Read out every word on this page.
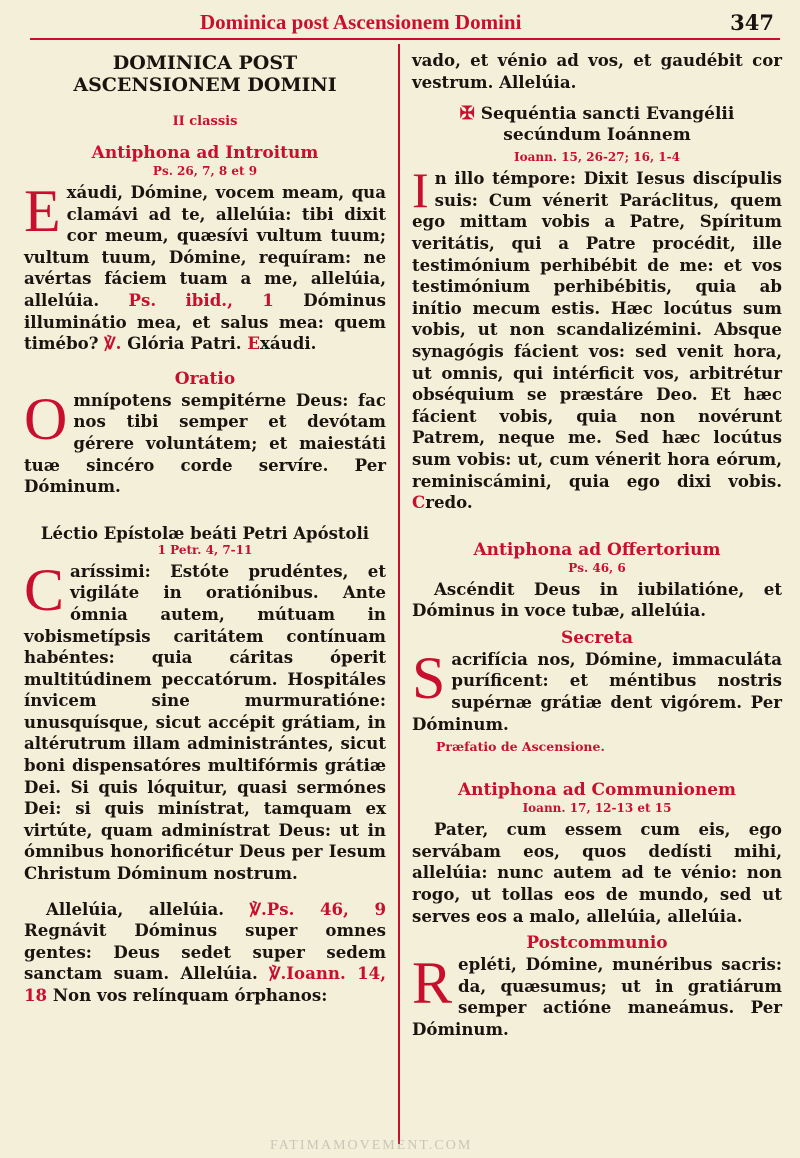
Dominica post Ascensionem Domini	347
DOMINICA POST
ASCENSIONEM DOMINI
II classis
Antiphona ad Introitum
Ps. 26, 7, 8 et 9

Exáudi, Dómine, vocem meam, qua clamávi ad te, allelúia: tibi dixit cor meum, quæsívi vultum tuum; vultum tuum, Dómine, requíram: ne avértas fáciem tuam a me, allelúia, allelúia. Ps. ibid., 1 Dóminus illuminátio mea, et salus mea: quem timébo? ℣. Glória Patri. Exáudi.

Oratio

Omnípotens sempitérne Deus: fac nos tibi semper et devótam gérere voluntátem; et maiestáti tuæ sincéro corde servíre. Per Dóminum.

Léctio Epístolæ beáti Petri Apóstoli
1 Petr. 4, 7-11

Caríssimi: Estóte prudéntes, et vigiláte in oratiónibus. Ante ómnia autem, mútuam in vobismetípsis caritátem contínuam habéntes: quia cáritas óperit multitúdinem peccatórum. Hospitáles ínvicem sine murmuratióne: unusquísque, sicut accépit grátiam, in altérutrum illam administrántes, sicut boni dispensatóres multifórmis grátiæ Dei. Si quis lóquitur, quasi sermónes Dei: si quis minístrat, tamquam ex virtúte, quam adminístrat Deus: ut in ómnibus honorificétur Deus per Iesum Christum Dóminum nostrum.

Allelúia, allelúia. ℣.Ps. 46, 9 Regnávit Dóminus super omnes gentes: Deus sedet super sedem sanctam suam. Allelúia. ℣.Ioann. 14, 18 Non vos relínquam órphanos:

vado, et vénio ad vos, et gaudébit cor vestrum. Allelúia.

✠ Sequéntia sancti Evangélii secúndum Ioánnem
Ioann. 15, 26-27; 16, 1-4

In illo témpore: Dixit Iesus discípulis suis: Cum vénerit Paráclitus, quem ego mittam vobis a Patre, Spíritum veritátis, qui a Patre procédit, ille testimónium perhibébit de me: et vos testimónium perhibébitis, quia ab inítio mecum estis. Hæc locútus sum vobis, ut non scandalizémini. Absque synagógis fácient vos: sed venit hora, ut omnis, qui intérficit vos, arbitrétur obséquium se præstáre Deo. Et hæc fácient vobis, quia non novérunt Patrem, neque me. Sed hæc locútus sum vobis: ut, cum vénerit hora eórum, reminiscámini, quia ego dixi vobis. Credo.

Antiphona ad Offertorium
Ps. 46, 6

Ascéndit Deus in iubilatióne, et Dóminus in voce tubæ, allelúia.

Secreta

Sacrifícia nos, Dómine, immaculáta puríficent: et méntibus nostris supérnæ grátiæ dent vigórem. Per Dóminum.

Præfatio de Ascensione.
Antiphona ad Communionem
Ioann. 17, 12-13 et 15

Pater, cum essem cum eis, ego servábam eos, quos dedísti mihi, allelúia: nunc autem ad te vénio: non rogo, ut tollas eos de mundo, sed ut serves eos a malo, allelúia, allelúia.

Postcommunio

Repléti, Dómine, munéribus sacris: da, quæsumus; ut in gratiárum semper actióne maneámus. Per Dóminum.

FATIMAMOVEMENT.COM
